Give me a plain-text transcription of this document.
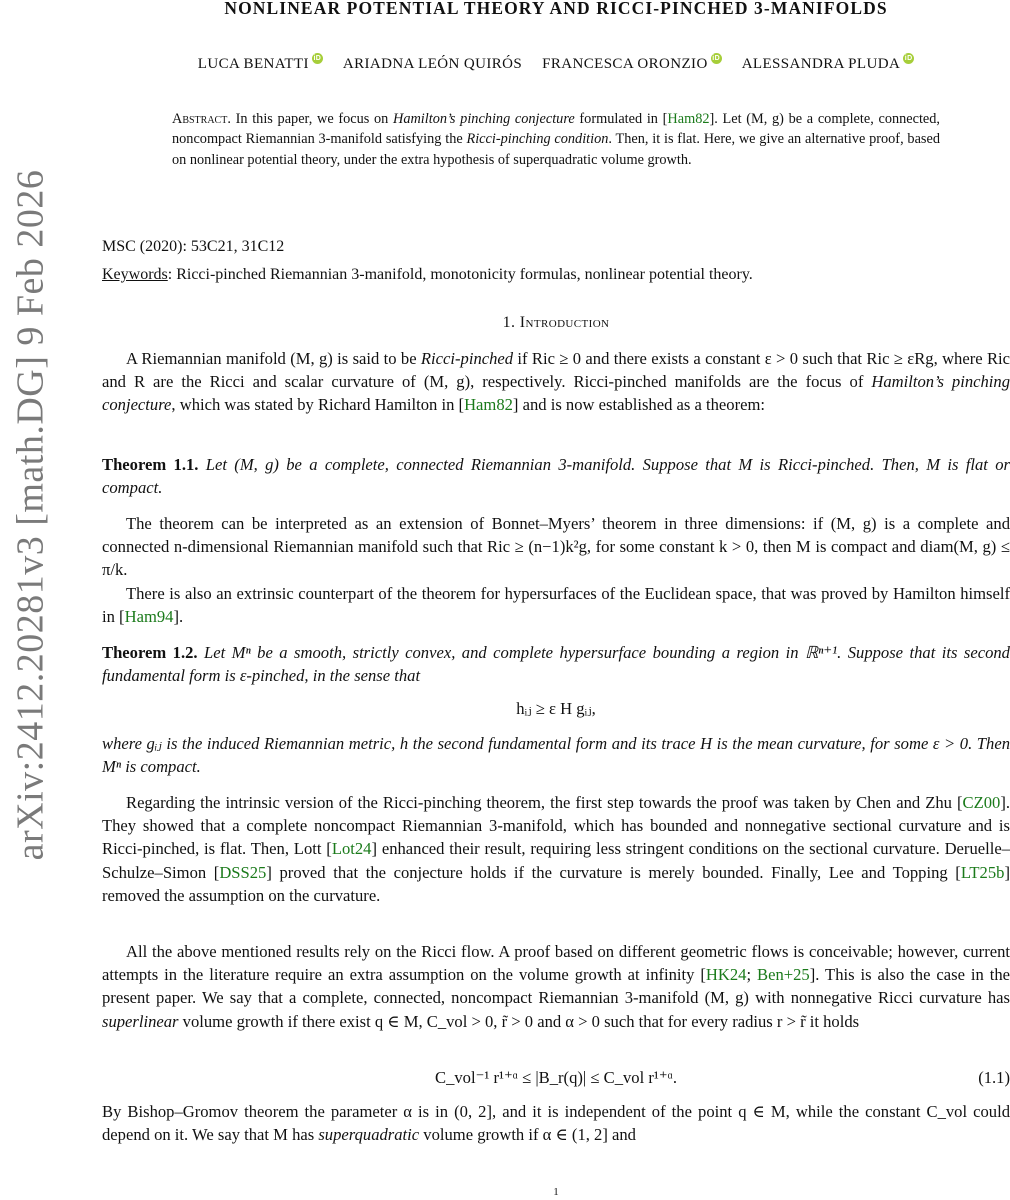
arXiv:2412.20281v3 [math.DG] 9 Feb 2026
NONLINEAR POTENTIAL THEORY AND RICCI-PINCHED 3-MANIFOLDS
LUCA BENATTI iD ARIADNA LEÓN QUIRÓS FRANCESCA ORONZIO iD ALESSANDRA PLUDA iD
Abstract. In this paper, we focus on Hamilton’s pinching conjecture formulated in [Ham82]. Let (M, g) be a complete, connected, noncompact Riemannian 3-manifold satisfying the Ricci-pinching condition. Then, it is flat. Here, we give an alternative proof, based on nonlinear potential theory, under the extra hypothesis of superquadratic volume growth.
MSC (2020): 53C21, 31C12
Keywords: Ricci-pinched Riemannian 3-manifold, monotonicity formulas, nonlinear potential theory.
1. Introduction

A Riemannian manifold (M, g) is said to be Ricci-pinched if Ric ≥ 0 and there exists a constant ε > 0 such that Ric ≥ εRg, where Ric and R are the Ricci and scalar curvature of (M, g), respectively. Ricci-pinched manifolds are the focus of Hamilton’s pinching conjecture, which was stated by Richard Hamilton in [Ham82] and is now established as a theorem:

Theorem 1.1. Let (M, g) be a complete, connected Riemannian 3-manifold. Suppose that M is Ricci-pinched. Then, M is flat or compact.

The theorem can be interpreted as an extension of Bonnet–Myers’ theorem in three dimensions: if (M, g) is a complete and connected n-dimensional Riemannian manifold such that Ric ≥ (n−1)k²g, for some constant k > 0, then M is compact and diam(M, g) ≤ π/k.

There is also an extrinsic counterpart of the theorem for hypersurfaces of the Euclidean space, that was proved by Hamilton himself in [Ham94].

Theorem 1.2. Let Mⁿ be a smooth, strictly convex, and complete hypersurface bounding a region in ℝⁿ⁺¹. Suppose that its second fundamental form is ε-pinched, in the sense that

hᵢⱼ ≥ ε H gᵢⱼ,

where gᵢⱼ is the induced Riemannian metric, h the second fundamental form and its trace H is the mean curvature, for some ε > 0. Then Mⁿ is compact.

Regarding the intrinsic version of the Ricci-pinching theorem, the first step towards the proof was taken by Chen and Zhu [CZ00]. They showed that a complete noncompact Riemannian 3-manifold, which has bounded and nonnegative sectional curvature and is Ricci-pinched, is flat. Then, Lott [Lot24] enhanced their result, requiring less stringent conditions on the sectional curvature. Deruelle–Schulze–Simon [DSS25] proved that the conjecture holds if the curvature is merely bounded. Finally, Lee and Topping [LT25b] removed the assumption on the curvature.

All the above mentioned results rely on the Ricci flow. A proof based on different geometric flows is conceivable; however, current attempts in the literature require an extra assumption on the volume growth at infinity [HK24; Ben+25]. This is also the case in the present paper. We say that a complete, connected, noncompact Riemannian 3-manifold (M, g) with nonnegative Ricci curvature has superlinear volume growth if there exist q ∈ M, C_vol > 0, r̃ > 0 and α > 0 such that for every radius r > r̃ it holds

C_vol⁻¹ r¹⁺ᵅ ≤ |B_r(q)| ≤ C_vol r¹⁺ᵅ.	(1.1)

By Bishop–Gromov theorem the parameter α is in (0, 2], and it is independent of the point q ∈ M, while the constant C_vol could depend on it. We say that M has superquadratic volume growth if α ∈ (1, 2] and

1
